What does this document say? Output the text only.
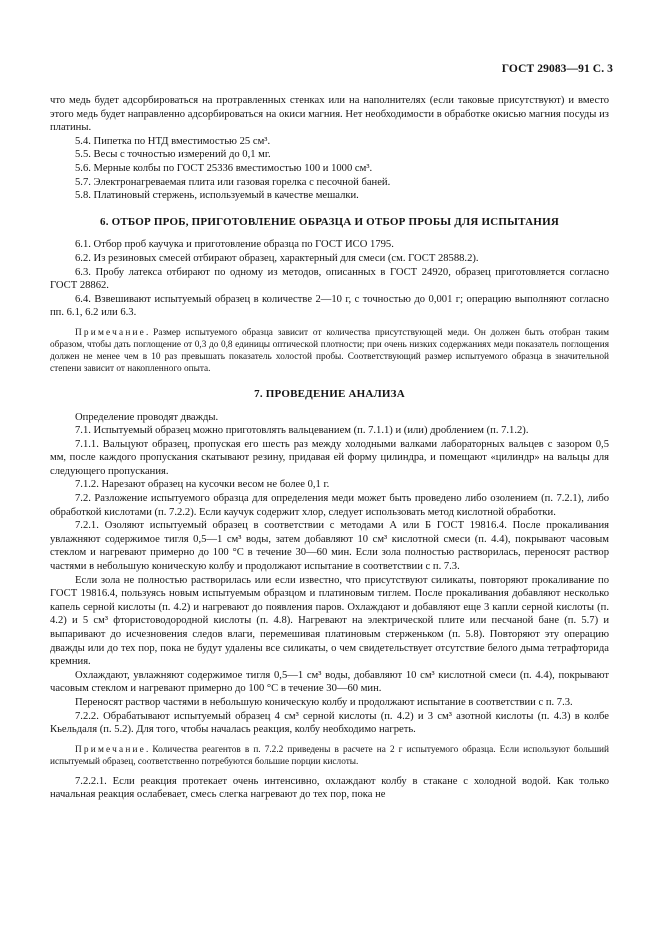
ГОСТ 29083—91 С. 3

что медь будет адсорбироваться на протравленных стенках или на наполнителях (если таковые присутствуют) и вместо этого медь будет направленно адсорбироваться на окиси магния. Нет необходимости в обработке окисью магния посуды из платины.

5.4. Пипетка по НТД вместимостью 25 см³.

5.5. Весы с точностью измерений до 0,1 мг.

5.6. Мерные колбы по ГОСТ 25336 вместимостью 100 и 1000 см³.

5.7. Электронагреваемая плита или газовая горелка с песочной баней.

5.8. Платиновый стержень, используемый в качестве мешалки.

6. ОТБОР ПРОБ, ПРИГОТОВЛЕНИЕ ОБРАЗЦА И ОТБОР ПРОБЫ ДЛЯ ИСПЫТАНИЯ

6.1. Отбор проб каучука и приготовление образца по ГОСТ ИСО 1795.

6.2. Из резиновых смесей отбирают образец, характерный для смеси (см. ГОСТ 28588.2).

6.3. Пробу латекса отбирают по одному из методов, описанных в ГОСТ 24920, образец приготовляется согласно ГОСТ 28862.

6.4. Взвешивают испытуемый образец в количестве 2—10 г, с точностью до 0,001 г; операцию выполняют согласно пп. 6.1, 6.2 или 6.3.

Примечание. Размер испытуемого образца зависит от количества присутствующей меди. Он должен быть отобран таким образом, чтобы дать поглощение от 0,3 до 0,8 единицы оптической плотности; при очень низких содержаниях меди показатель поглощения должен не менее чем в 10 раз превышать показатель холостой пробы. Соответствующий размер испытуемого образца в значительной степени зависит от накопленного опыта.

7. ПРОВЕДЕНИЕ АНАЛИЗА

Определение проводят дважды.

7.1. Испытуемый образец можно приготовлять вальцеванием (п. 7.1.1) и (или) дроблением (п. 7.1.2).

7.1.1. Вальцуют образец, пропуская его шесть раз между холодными валками лабораторных вальцев с зазором 0,5 мм, после каждого пропускания скатывают резину, придавая ей форму цилиндра, и помещают «цилиндр» на вальцы для следующего пропускания.

7.1.2. Нарезают образец на кусочки весом не более 0,1 г.

7.2. Разложение испытуемого образца для определения меди может быть проведено либо озолением (п. 7.2.1), либо обработкой кислотами (п. 7.2.2). Если каучук содержит хлор, следует использовать метод кислотной обработки.

7.2.1. Озоляют испытуемый образец в соответствии с методами А или Б ГОСТ 19816.4. После прокаливания увлажняют содержимое тигля 0,5—1 см³ воды, затем добавляют 10 см³ кислотной смеси (п. 4.4), покрывают часовым стеклом и нагревают примерно до 100 °С в течение 30—60 мин. Если зола полностью растворилась, переносят раствор частями в небольшую коническую колбу и продолжают испытание в соответствии с п. 7.3.

Если зола не полностью растворилась или если известно, что присутствуют силикаты, повторяют прокаливание по ГОСТ 19816.4, пользуясь новым испытуемым образцом и платиновым тиглем. После прокаливания добавляют несколько капель серной кислоты (п. 4.2) и нагревают до появления паров. Охлаждают и добавляют еще 3 капли серной кислоты (п. 4.2) и 5 см³ фтористоводородной кислоты (п. 4.8). Нагревают на электрической плите или песчаной бане (п. 5.7) и выпаривают до исчезновения следов влаги, перемешивая платиновым стерженьком (п. 5.8). Повторяют эту операцию дважды или до тех пор, пока не будут удалены все силикаты, о чем свидетельствует отсутствие белого дыма тетрафторида кремния.

Охлаждают, увлажняют содержимое тигля 0,5—1 см³ воды, добавляют 10 см³ кислотной смеси (п. 4.4), покрывают часовым стеклом и нагревают примерно до 100 °С в течение 30—60 мин.

Переносят раствор частями в небольшую коническую колбу и продолжают испытание в соответствии с п. 7.3.

7.2.2. Обрабатывают испытуемый образец 4 см³ серной кислоты (п. 4.2) и 3 см³ азотной кислоты (п. 4.3) в колбе Кьельдаля (п. 5.2). Для того, чтобы началась реакция, колбу необходимо нагреть.

Примечание. Количества реагентов в п. 7.2.2 приведены в расчете на 2 г испытуемого образца. Если используют больший испытуемый образец, соответственно потребуются большие порции кислоты.

7.2.2.1. Если реакция протекает очень интенсивно, охлаждают колбу в стакане с холодной водой. Как только начальная реакция ослабевает, смесь слегка нагревают до тех пор, пока не
